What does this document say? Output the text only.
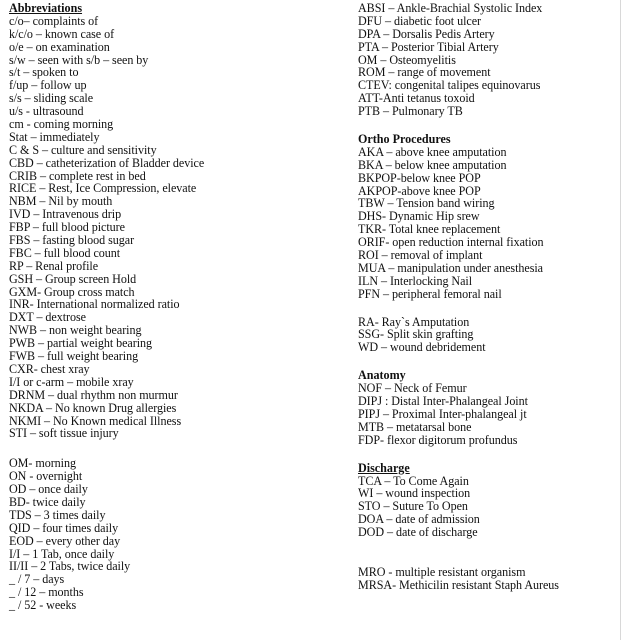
Abbreviations
c/o– complaints of
k/c/o – known case of
o/e – on examination
s/w – seen with s/b – seen by
s/t – spoken to
f/up – follow up
s/s – sliding scale
u/s - ultrasound
cm - coming morning
Stat – immediately
C & S – culture and sensitivity
CBD – catheterization of Bladder device
CRIB – complete rest in bed
RICE – Rest, Ice Compression, elevate
NBM – Nil by mouth
IVD – Intravenous drip
FBP – full blood picture
FBS – fasting blood sugar
FBC – full blood count
RP – Renal profile
GSH – Group screen Hold
GXM- Group cross match
INR- International normalized ratio
DXT – dextrose
NWB – non weight bearing
PWB – partial weight bearing
FWB – full weight bearing
CXR- chest xray
I/I or c-arm – mobile xray
DRNM – dual rhythm non murmur
NKDA – No known Drug allergies
NKMI – No Known medical Illness
STI – soft tissue injury
OM- morning
ON - overnight
OD – once daily
BD- twice daily
TDS – 3 times daily
QID – four times daily
EOD – every other day
I/I – 1 Tab, once daily
II/II – 2 Tabs, twice daily
_ / 7 – days
_ / 12 – months
_ / 52 - weeks
ABSI – Ankle-Brachial Systolic Index
DFU – diabetic foot ulcer
DPA – Dorsalis Pedis Artery
PTA – Posterior Tibial Artery
OM – Osteomyelitis
ROM – range of movement
CTEV: congenital talipes equinovarus
ATT-Anti tetanus toxoid
PTB – Pulmonary TB
Ortho Procedures
AKA – above knee amputation
BKA – below knee amputation
BKPOP-below knee POP
AKPOP-above knee POP
TBW – Tension band wiring
DHS- Dynamic Hip srew
TKR- Total knee replacement
ORIF- open reduction internal fixation
ROI – removal of implant
MUA – manipulation under anesthesia
ILN – Interlocking Nail
PFN – peripheral femoral nail
RA- Ray`s Amputation
SSG- Split skin grafting
WD – wound debridement
Anatomy
NOF – Neck of Femur
DIPJ : Distal Inter-Phalangeal Joint
PIPJ – Proximal Inter-phalangeal jt
MTB – metatarsal bone
FDP- flexor digitorum profundus
Discharge
TCA – To Come Again
WI – wound inspection
STO – Suture To Open
DOA – date of admission
DOD – date of discharge
MRO - multiple resistant organism
MRSA- Methicilin resistant Staph Aureus
